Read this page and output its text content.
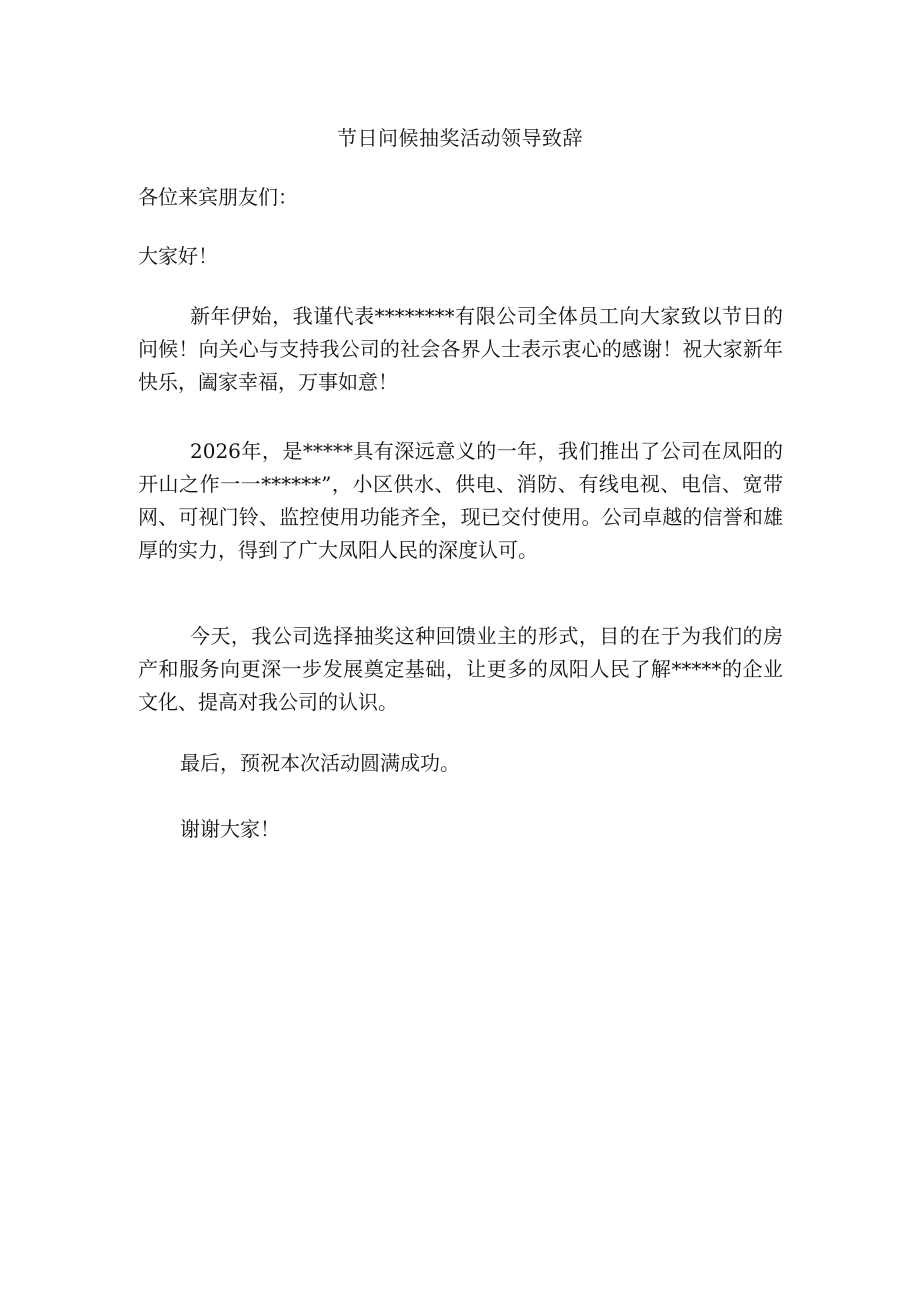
节日问候抽奖活动领导致辞

各位来宾朋友们：

大家好！

新年伊始，我谨代表********有限公司全体员工向大家致以节日的问候！向关心与支持我公司的社会各界人士表示衷心的感谢！祝大家新年快乐，阖家幸福，万事如意！

2026年，是*****具有深远意义的一年，我们推出了公司在凤阳的开山之作一一******”，小区供水、供电、消防、有线电视、电信、宽带网、可视门铃、监控使用功能齐全，现已交付使用。公司卓越的信誉和雄厚的实力，得到了广大凤阳人民的深度认可。

今天，我公司选择抽奖这种回馈业主的形式，目的在于为我们的房产和服务向更深一步发展奠定基础，让更多的凤阳人民了解*****的企业文化、提高对我公司的认识。

最后，预祝本次活动圆满成功。

谢谢大家！
